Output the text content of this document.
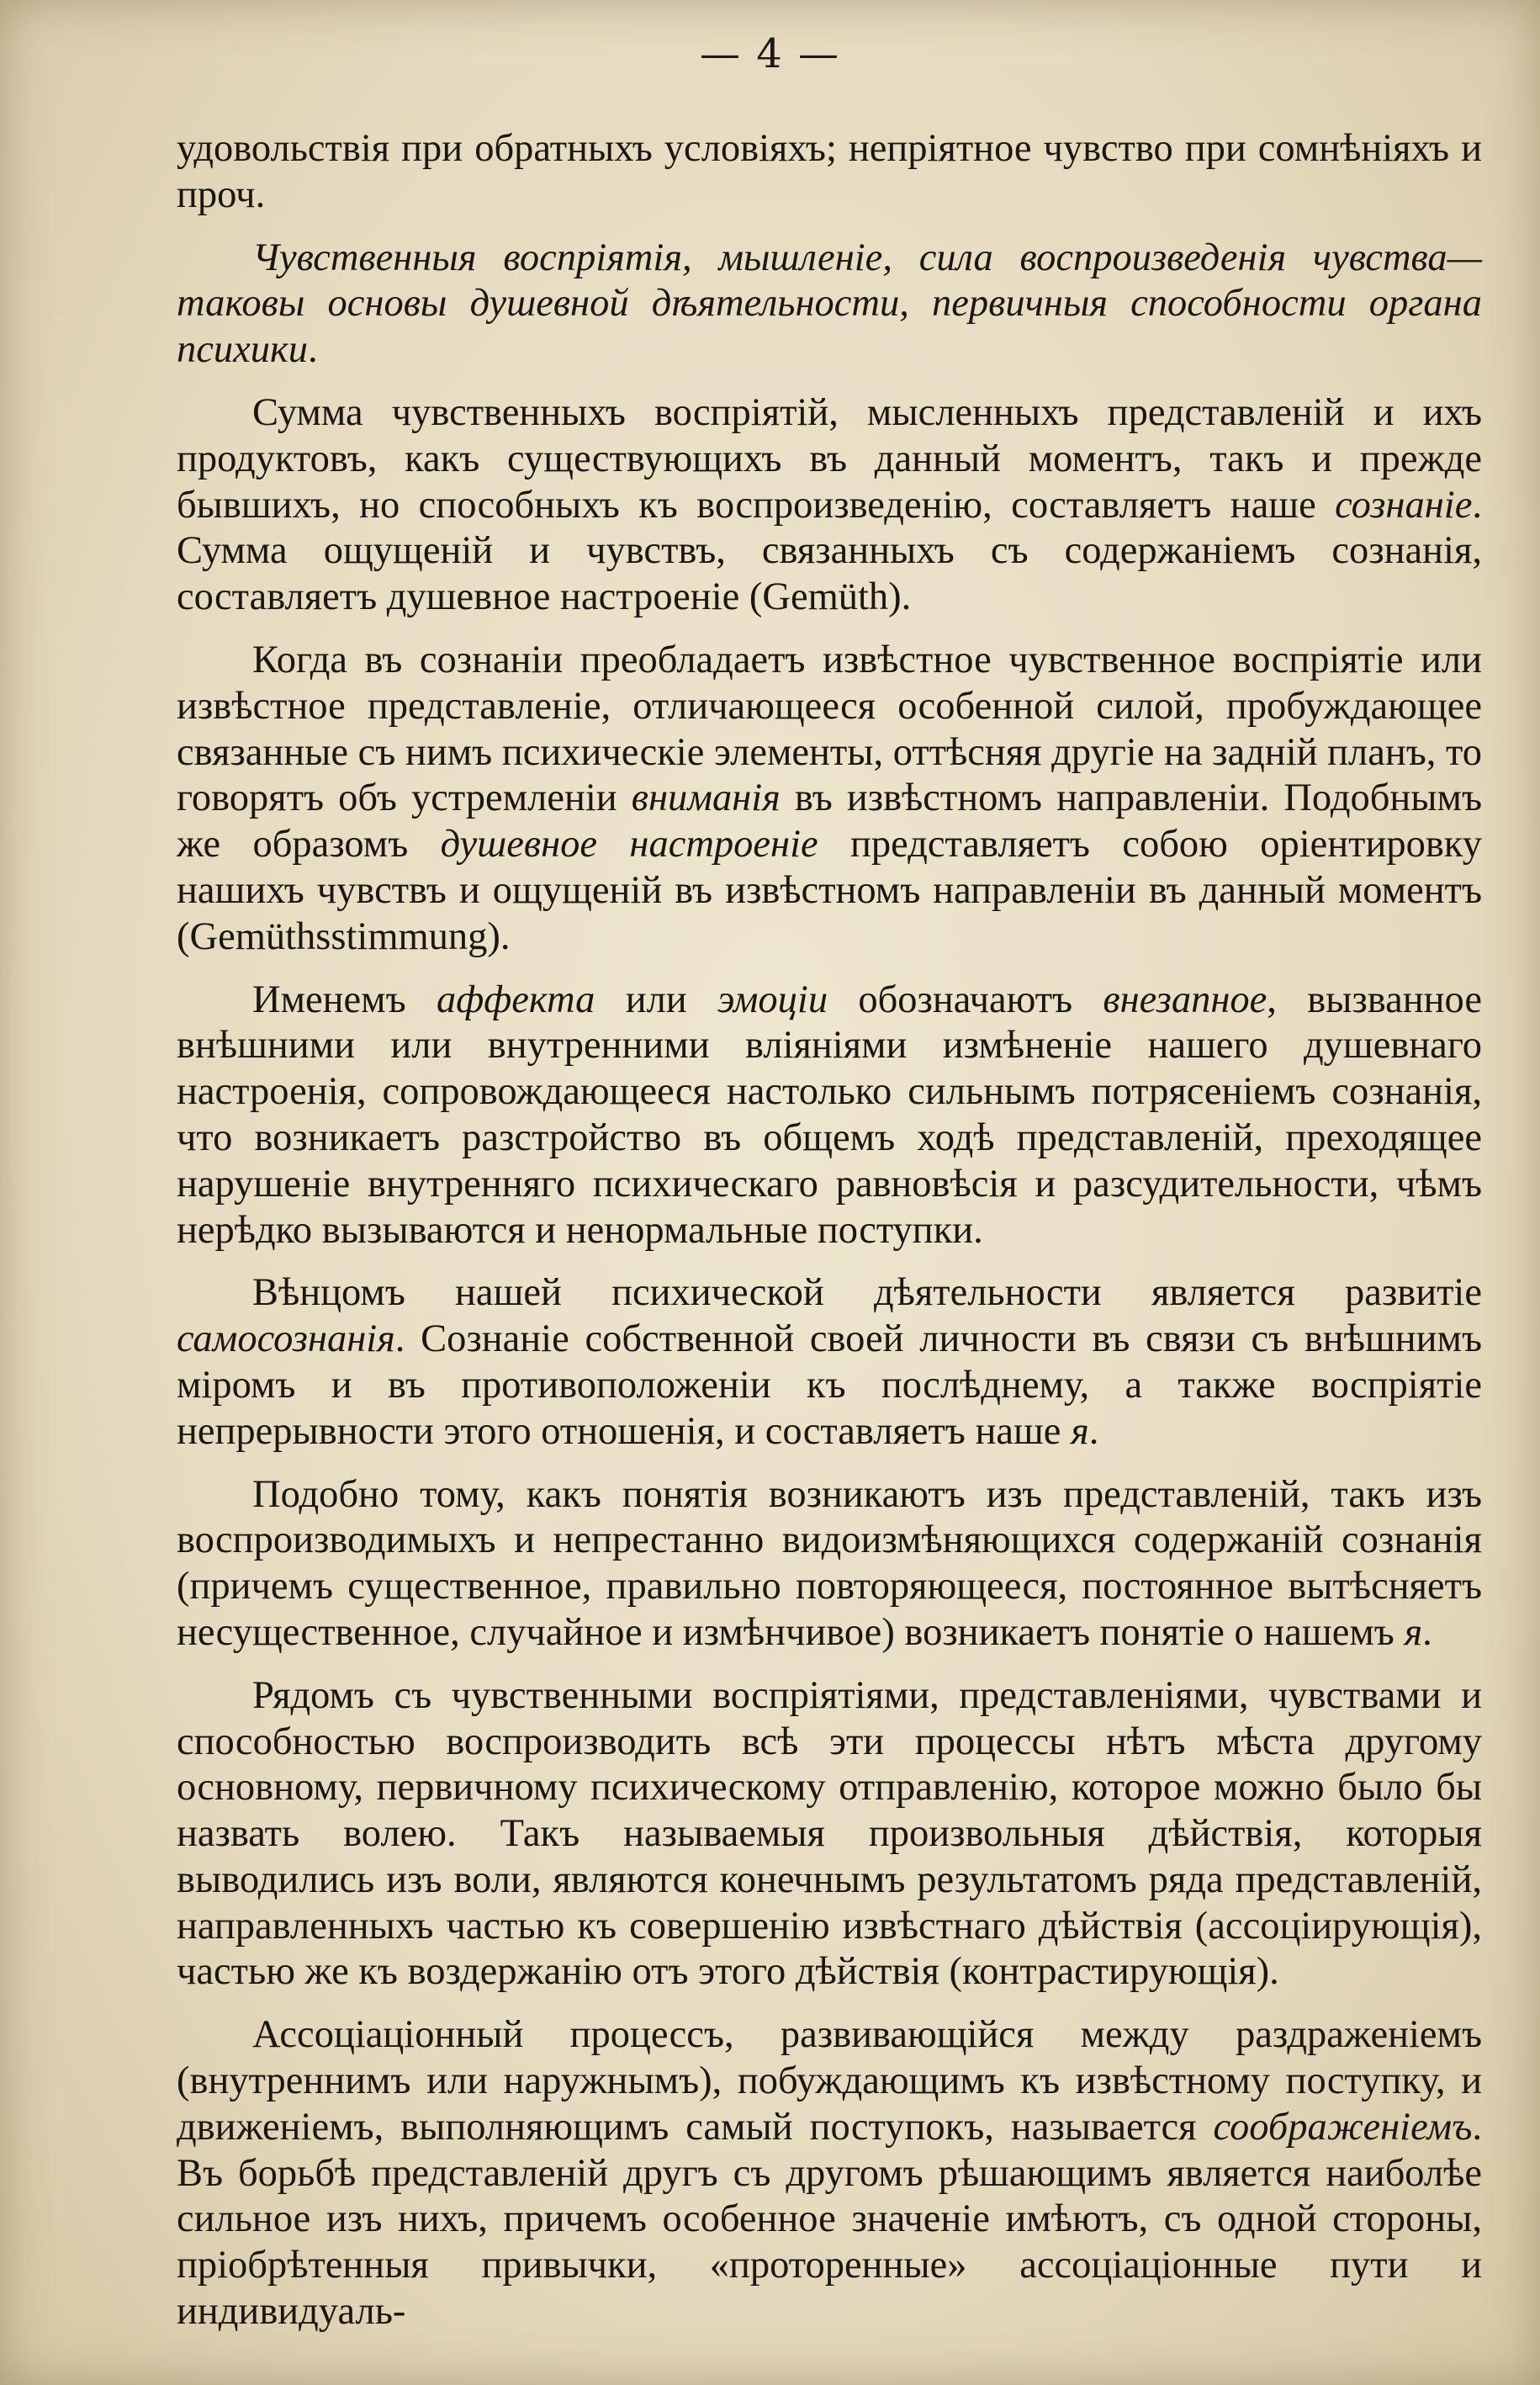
— 4 —

удовольствія при обратныхъ условіяхъ; непріятное чувство при сомнѣніяхъ и проч.

Чувственныя воспріятія, мышленіе, сила воспроизведенія чувства—таковы основы душевной дѣятельности, первичныя способности органа психики.

Сумма чувственныхъ воспріятій, мысленныхъ представленій и ихъ продуктовъ, какъ существующихъ въ данный моментъ, такъ и прежде бывшихъ, но способныхъ къ воспроизведенію, составляетъ наше сознаніе. Сумма ощущеній и чувствъ, связанныхъ съ содержаніемъ сознанія, составляетъ душевное настроеніе (Gemüth).

Когда въ сознаніи преобладаетъ извѣстное чувственное воспріятіе или извѣстное представленіе, отличающееся особенной силой, пробуждающее связанные съ нимъ психическіе элементы, оттѣсняя другіе на задній планъ, то говорятъ объ устремленіи вниманія въ извѣстномъ направленіи. Подобнымъ же образомъ душевное настроеніе представляетъ собою оріентировку нашихъ чувствъ и ощущеній въ извѣстномъ направленіи въ данный моментъ (Gemüthsstimmung).

Именемъ аффекта или эмоціи обозначаютъ внезапное, вызванное внѣшними или внутренними вліяніями измѣненіе нашего душевнаго настроенія, сопровождающееся настолько сильнымъ потрясеніемъ сознанія, что возникаетъ разстройство въ общемъ ходѣ представленій, преходящее нарушеніе внутренняго психическаго равновѣсія и разсудительности, чѣмъ нерѣдко вызываются и ненормальные поступки.

Вѣнцомъ нашей психической дѣятельности является развитіе самосознанія. Сознаніе собственной своей личности въ связи съ внѣшнимъ міромъ и въ противоположеніи къ послѣднему, а также воспріятіе непрерывности этого отношенія, и составляетъ наше я.

Подобно тому, какъ понятія возникаютъ изъ представленій, такъ изъ воспроизводимыхъ и непрестанно видоизмѣняющихся содержаній сознанія (причемъ существенное, правильно повторяющееся, постоянное вытѣсняетъ несущественное, случайное и измѣнчивое) возникаетъ понятіе о нашемъ я.

Рядомъ съ чувственными воспріятіями, представленіями, чувствами и способностью воспроизводить всѣ эти процессы нѣтъ мѣста другому основному, первичному психическому отправленію, которое можно было бы назвать волею. Такъ называемыя произвольныя дѣйствія, которыя выводились изъ воли, являются конечнымъ результатомъ ряда представленій, направленныхъ частью къ совершенію извѣстнаго дѣйствія (ассоціирующія), частью же къ воздержанію отъ этого дѣйствія (контрастирующія).

Ассоціаціонный процессъ, развивающійся между раздраженіемъ (внутреннимъ или наружнымъ), побуждающимъ къ извѣстному поступку, и движеніемъ, выполняющимъ самый поступокъ, называется соображеніемъ. Въ борьбѣ представленій другъ съ другомъ рѣшающимъ является наиболѣе сильное изъ нихъ, причемъ особенное значеніе имѣютъ, съ одной стороны, пріобрѣтенныя привычки, «протоpенные» ассоціаціонные пути и индивидуаль-
